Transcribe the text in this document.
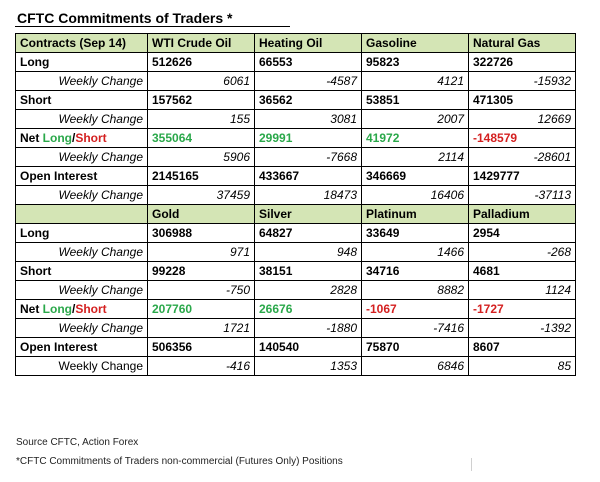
CFTC Commitments of Traders *
Contracts (Sep 14)	WTI Crude Oil	Heating Oil	Gasoline	Natural Gas
Long	512626	66553	95823	322726
Weekly Change	6061	-4587	4121	-15932
Short	157562	36562	53851	471305
Weekly Change	155	3081	2007	12669
Net Long/Short	355064	29991	41972	-148579
Weekly Change	5906	-7668	2114	-28601
Open Interest	2145165	433667	346669	1429777
Weekly Change	37459	18473	16406	-37113
	Gold	Silver	Platinum	Palladium
Long	306988	64827	33649	2954
Weekly Change	971	948	1466	-268
Short	99228	38151	34716	4681
Weekly Change	-750	2828	8882	1124
Net Long/Short	207760	26676	-1067	-1727
Weekly Change	1721	-1880	-7416	-1392
Open Interest	506356	140540	75870	8607
Weekly Change	-416	1353	6846	85
Source CFTC, Action Forex
*CFTC Commitments of Traders non-commercial (Futures Only) Positions
